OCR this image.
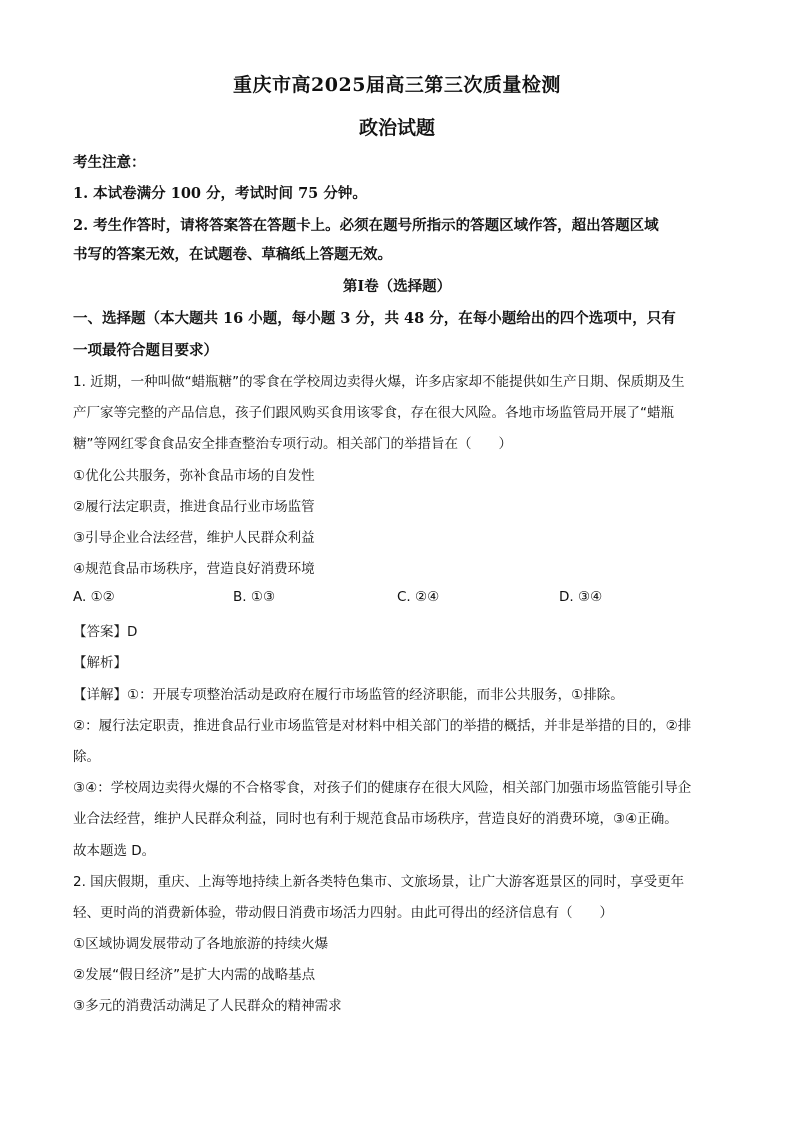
重庆市高2025届高三第三次质量检测
政治试题
考生注意：
1. 本试卷满分 100 分，考试时间 75 分钟。
2. 考生作答时，请将答案答在答题卡上。必须在题号所指示的答题区域作答，超出答题区域
书写的答案无效，在试题卷、草稿纸上答题无效。
第Ⅰ卷（选择题）
一、选择题（本大题共 16 小题，每小题 3 分，共 48 分，在每小题给出的四个选项中，只有
一项最符合题目要求）
1. 近期，一种叫做“蜡瓶糖”的零食在学校周边卖得火爆，许多店家却不能提供如生产日期、保质期及生
产厂家等完整的产品信息，孩子们跟风购买食用该零食，存在很大风险。各地市场监管局开展了“蜡瓶
糖”等网红零食食品安全排查整治专项行动。相关部门的举措旨在（　　）
①优化公共服务，弥补食品市场的自发性
②履行法定职责，推进食品行业市场监管
③引导企业合法经营，维护人民群众利益
④规范食品市场秩序，营造良好消费环境
A. ①②	B. ①③	C. ②④	D. ③④
【答案】D
【解析】
【详解】①：开展专项整治活动是政府在履行市场监管的经济职能，而非公共服务，①排除。
②：履行法定职责，推进食品行业市场监管是对材料中相关部门的举措的概括，并非是举措的目的，②排
除。
③④：学校周边卖得火爆的不合格零食，对孩子们的健康存在很大风险，相关部门加强市场监管能引导企
业合法经营，维护人民群众利益，同时也有利于规范食品市场秩序，营造良好的消费环境，③④正确。
故本题选 D。
2. 国庆假期，重庆、上海等地持续上新各类特色集市、文旅场景，让广大游客逛景区的同时，享受更年
轻、更时尚的消费新体验，带动假日消费市场活力四射。由此可得出的经济信息有（　　）
①区域协调发展带动了各地旅游的持续火爆
②发展“假日经济”是扩大内需的战略基点
③多元的消费活动满足了人民群众的精神需求
